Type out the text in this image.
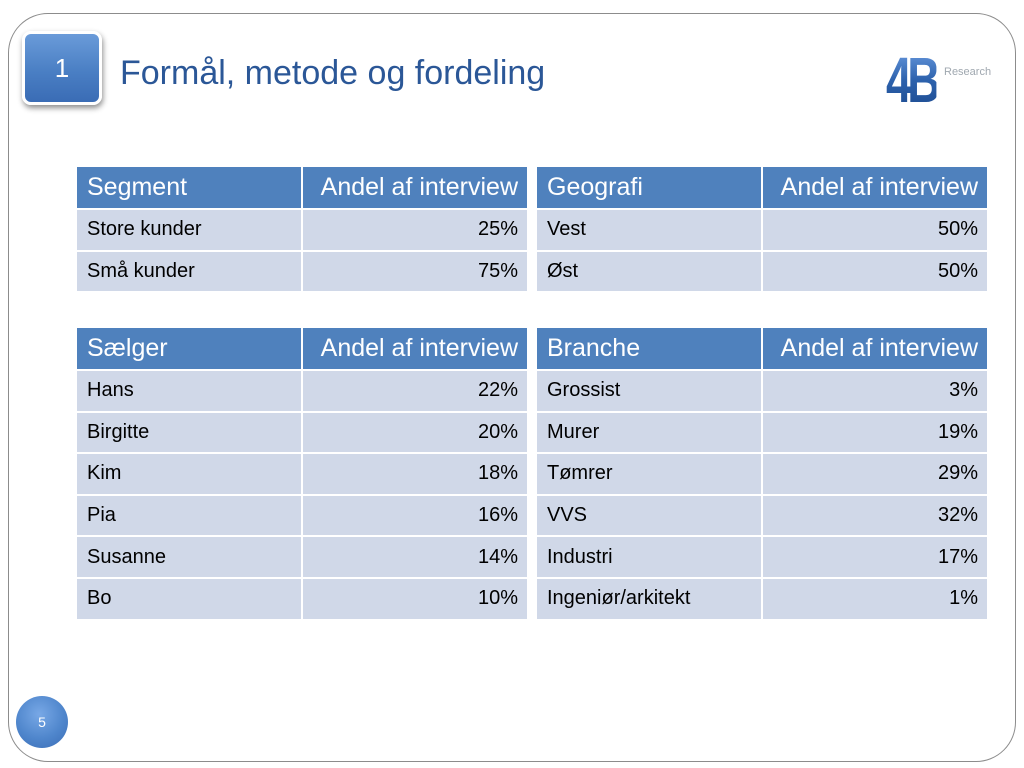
1	Formål, metode og fordeling	4B Research
Segment	Andel af interview
Store kunder	25%
Små kunder	75%
Geografi	Andel af interview
Vest	50%
Øst	50%
Sælger	Andel af interview
Hans	22%
Birgitte	20%
Kim	18%
Pia	16%
Susanne	14%
Bo	10%
Branche	Andel af interview
Grossist	3%
Murer	19%
Tømrer	29%
VVS	32%
Industri	17%
Ingeniør/arkitekt	1%
5
